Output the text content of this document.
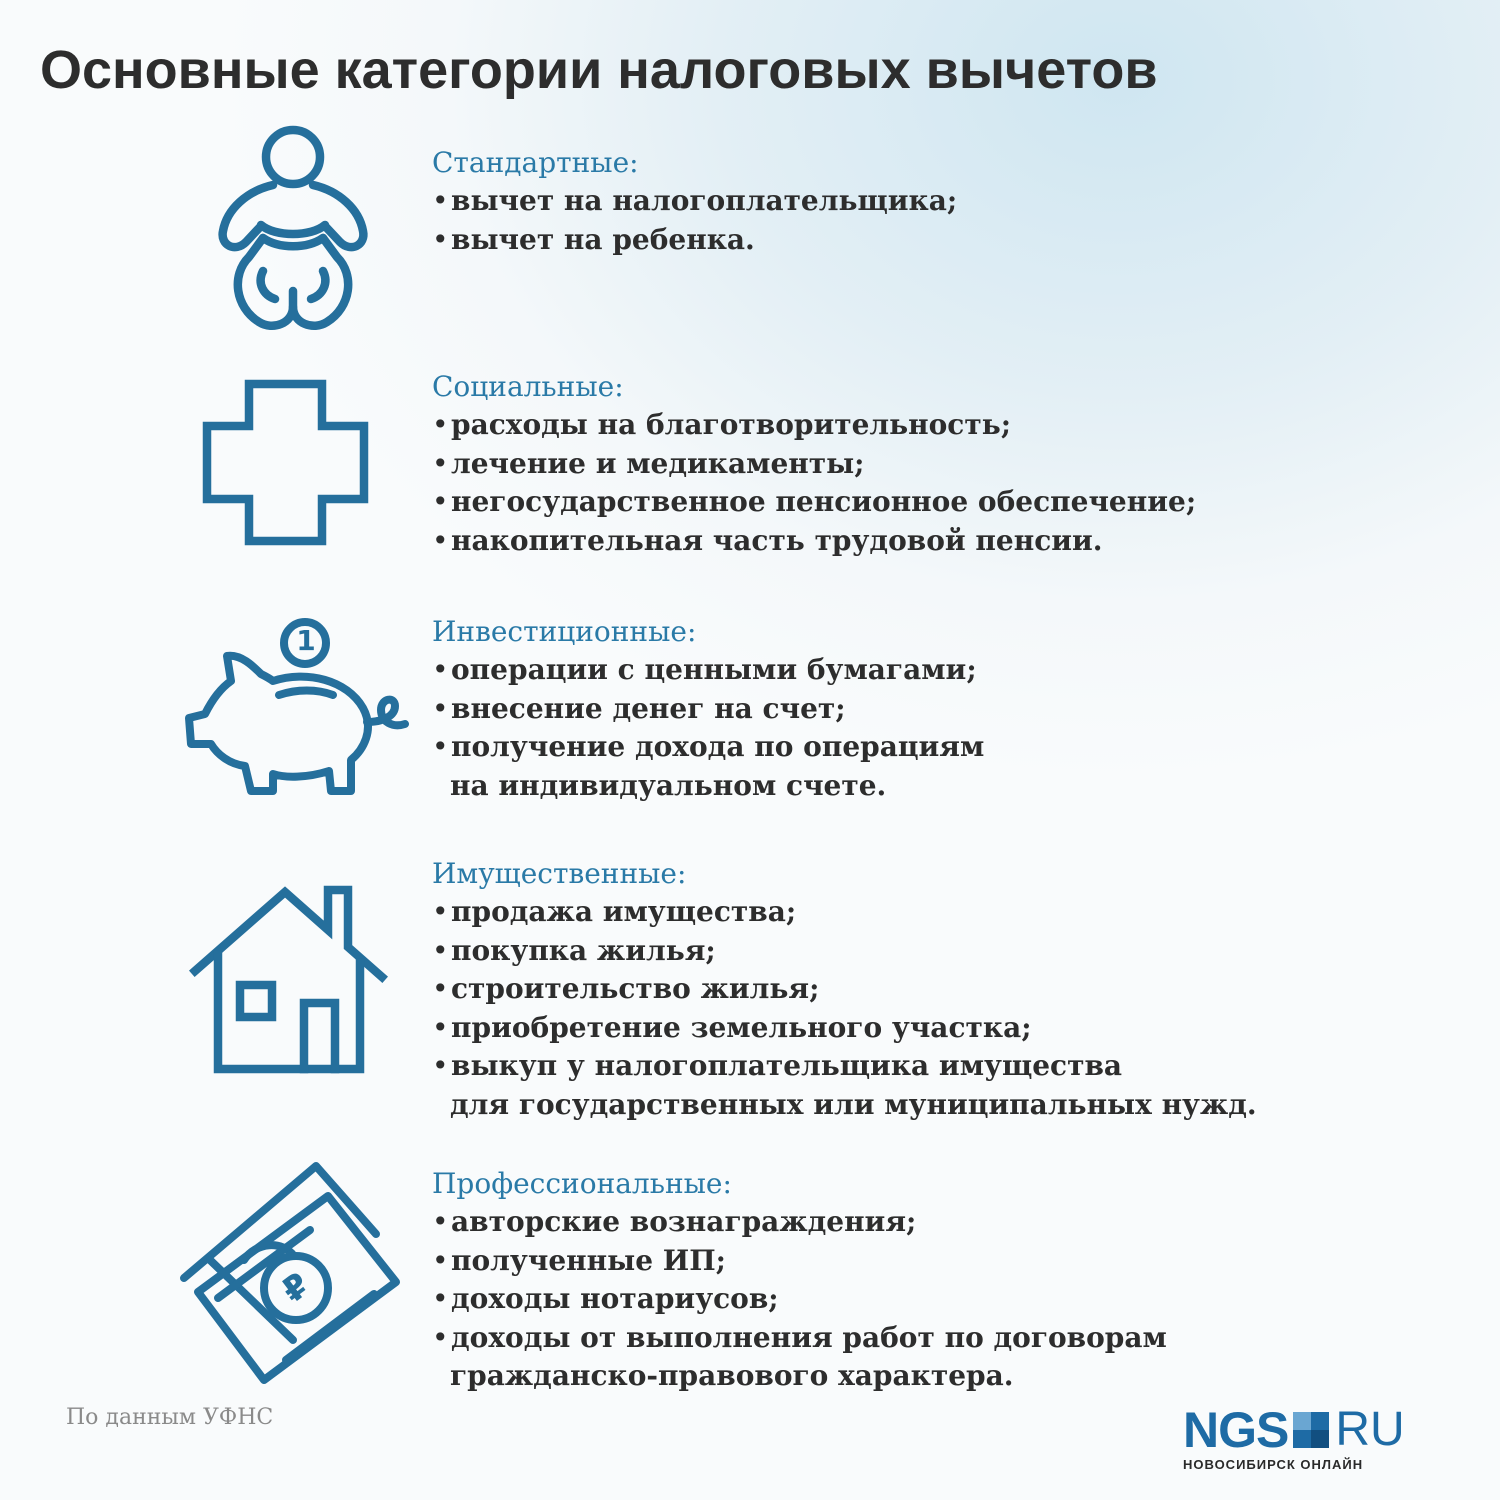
Основные категории налоговых вычетов
1
₽
Стандартные:
•вычет на налогоплательщика;
•вычет на ребенка.
Социальные:
•расходы на благотворительность;
•лечение и медикаменты;
•негосударственное пенсионное обеспечение;
•накопительная часть трудовой пенсии.
Инвестиционные:
•операции с ценными бумагами;
•внесение денег на счет;
•получение дохода по операциям
на индивидуальном счете.
Имущественные:
•продажа имущества;
•покупка жилья;
•строительство жилья;
•приобретение земельного участка;
•выкуп у налогоплательщика имущества
для государственных или муниципальных нужд.
Профессиональные:
•авторские вознаграждения;
•полученные ИП;
•доходы нотариусов;
•доходы от выполнения работ по договорам
гражданско-правового характера.
По данным УФНС	NGS RU
НОВОСИБИРСК ОНЛАЙН
